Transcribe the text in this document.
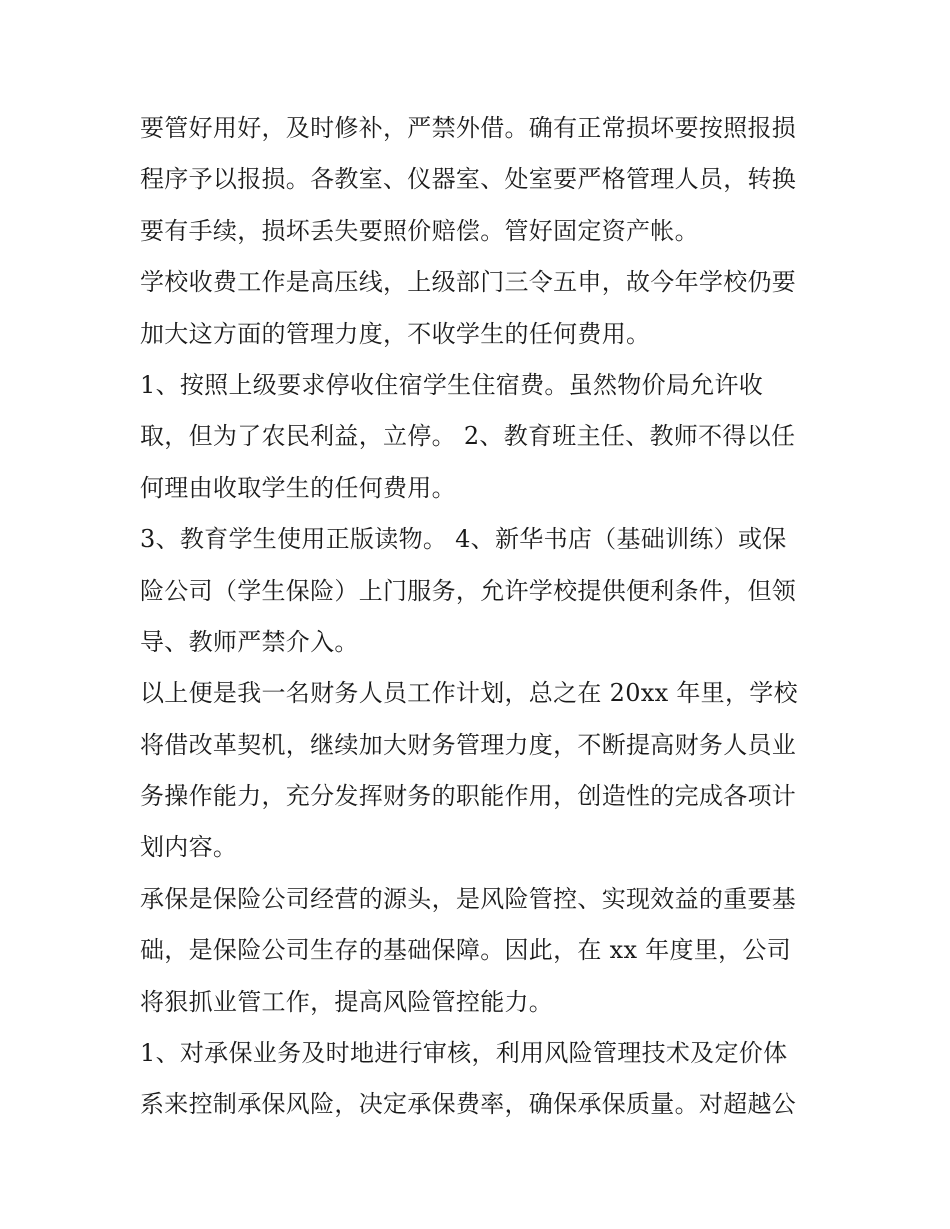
要管好用好，及时修补，严禁外借。确有正常损坏要按照报损
程序予以报损。各教室、仪器室、处室要严格管理人员，转换
要有手续，损坏丢失要照价赔偿。管好固定资产帐。
学校收费工作是高压线，上级部门三令五申，故今年学校仍要
加大这方面的管理力度，不收学生的任何费用。
1、按照上级要求停收住宿学生住宿费。虽然物价局允许收
取，但为了农民利益，立停。 2、教育班主任、教师不得以任
何理由收取学生的任何费用。
3、教育学生使用正版读物。 4、新华书店（基础训练）或保
险公司（学生保险）上门服务，允许学校提供便利条件，但领
导、教师严禁介入。
以上便是我一名财务人员工作计划，总之在 20xx 年里，学校
将借改革契机，继续加大财务管理力度，不断提高财务人员业
务操作能力，充分发挥财务的职能作用，创造性的完成各项计
划内容。
承保是保险公司经营的源头，是风险管控、实现效益的重要基
础，是保险公司生存的基础保障。因此，在 xx 年度里，公司
将狠抓业管工作，提高风险管控能力。
1、对承保业务及时地进行审核，利用风险管理技术及定价体
系来控制承保风险，决定承保费率，确保承保质量。对超越公
